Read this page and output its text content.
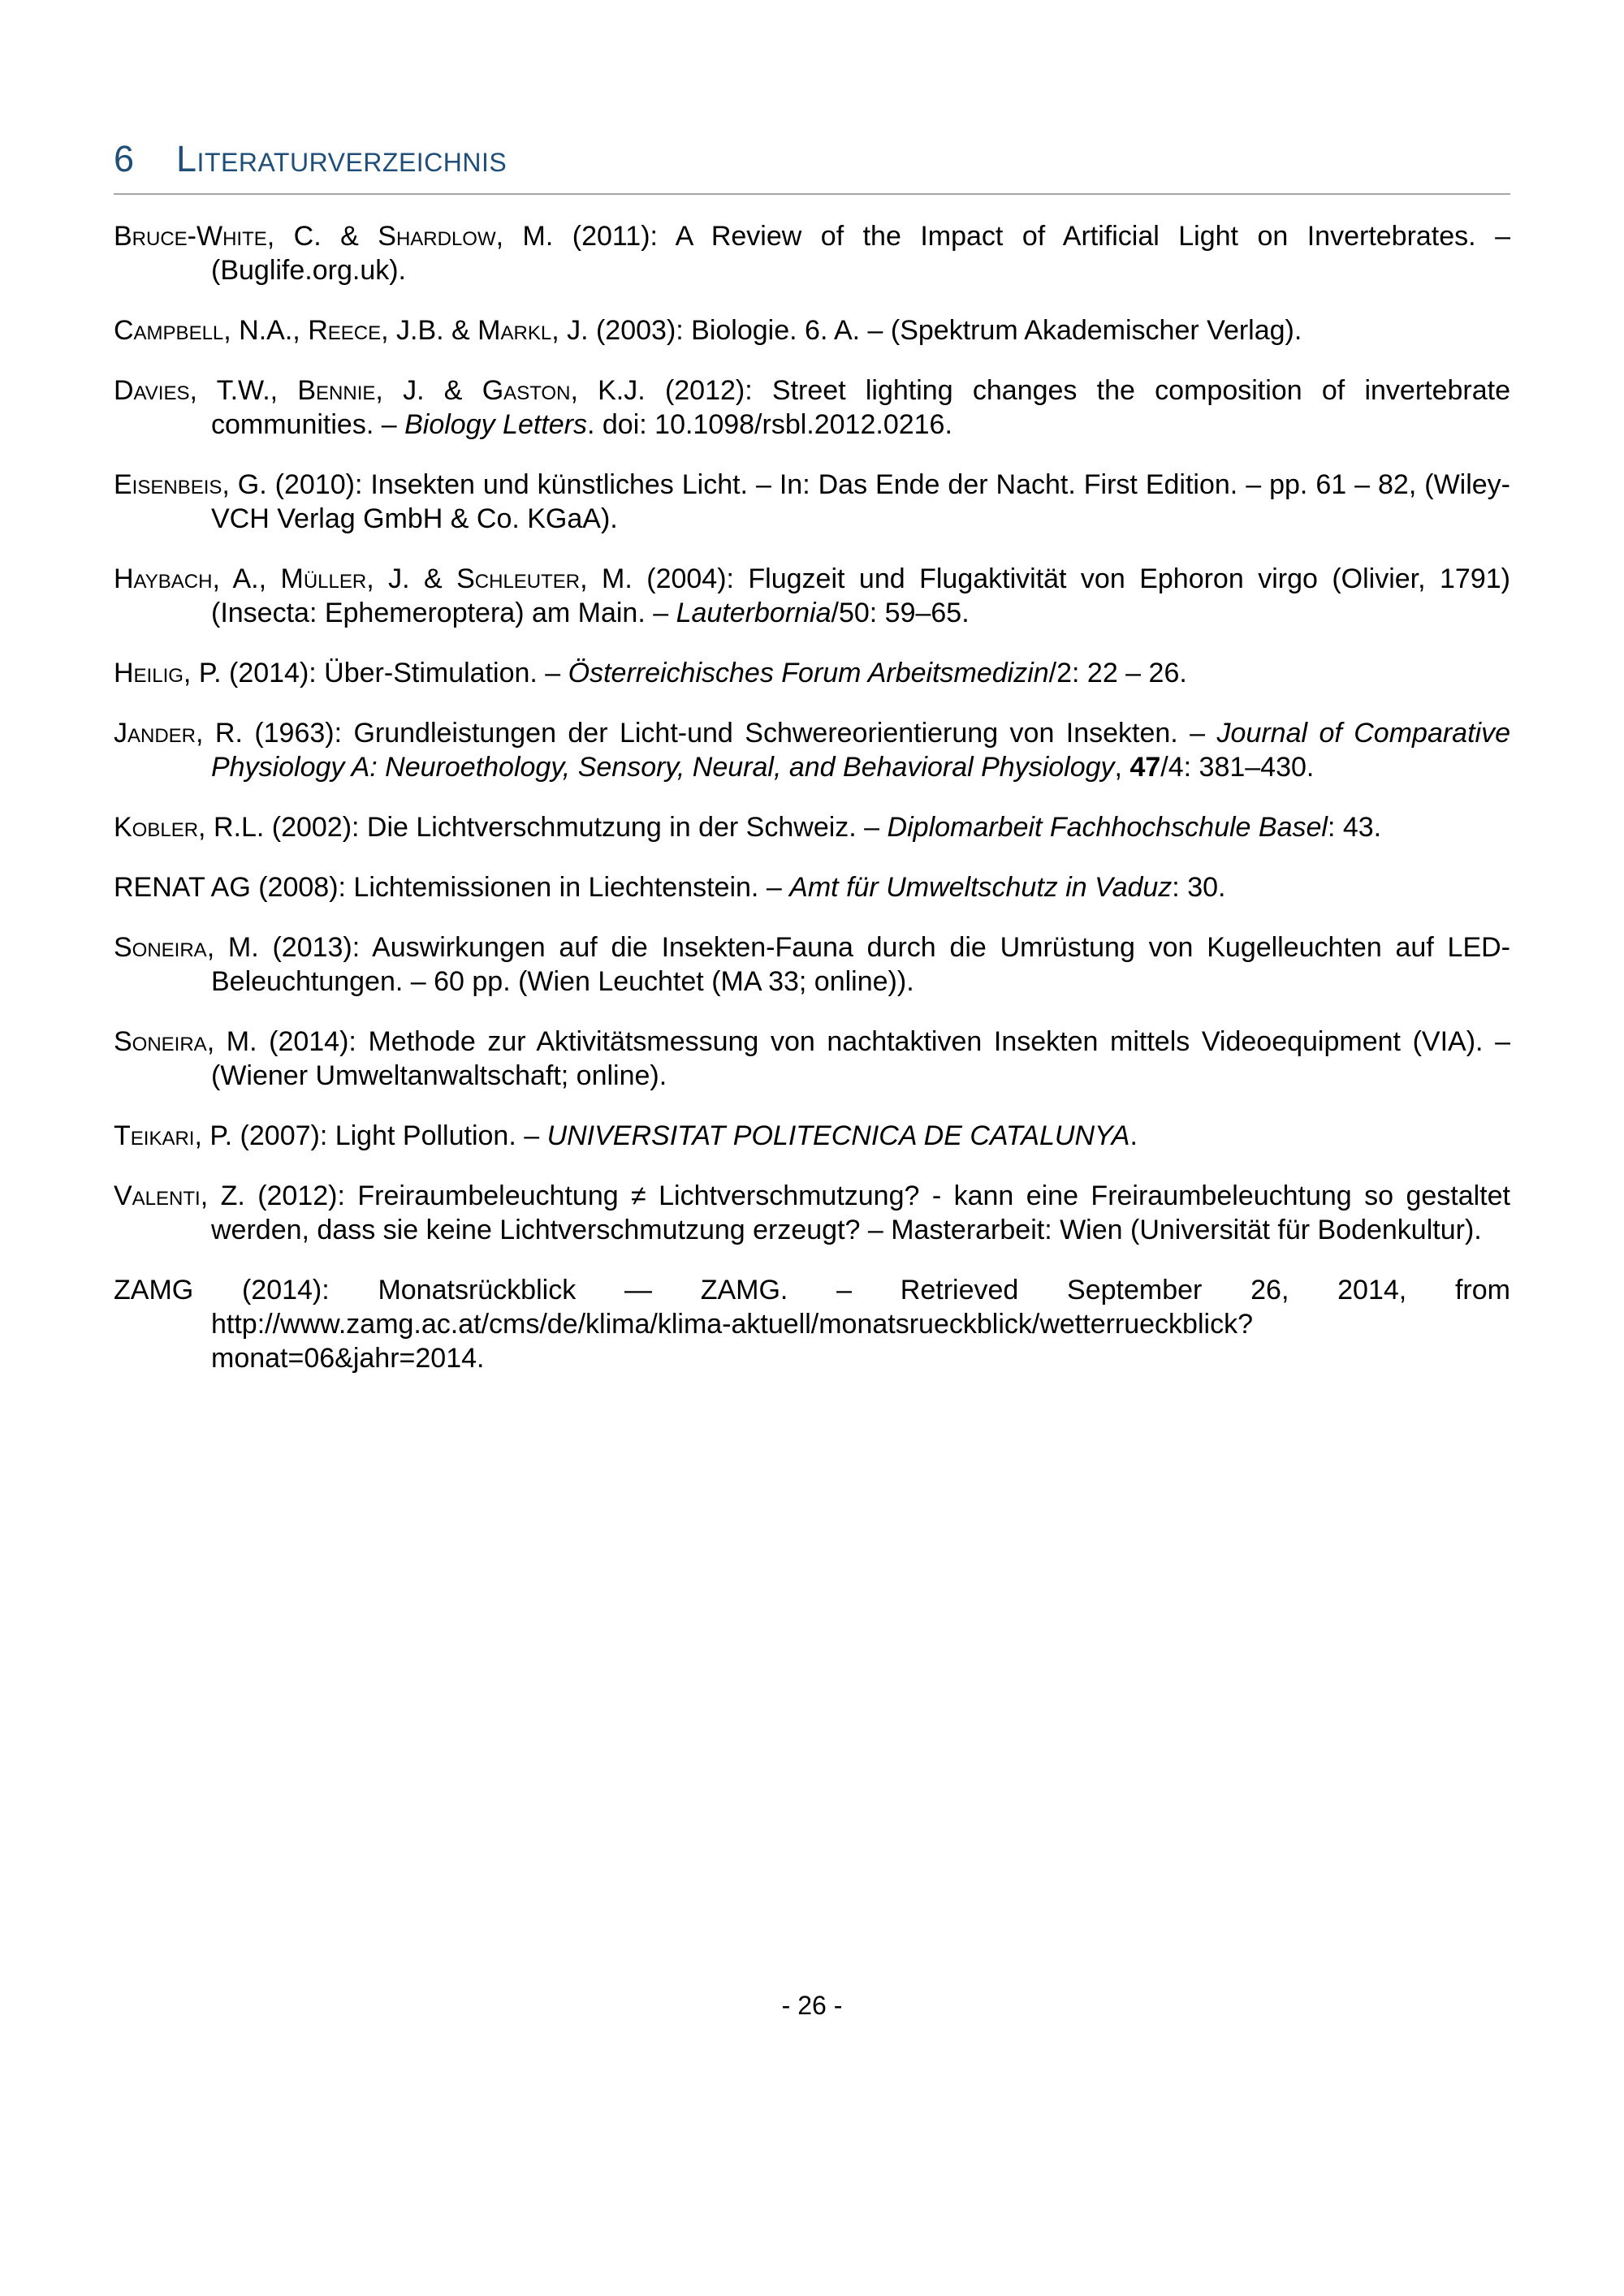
6 Literaturverzeichnis

Bruce-White, C. & Shardlow, M. (2011): A Review of the Impact of Artificial Light on Invertebrates. – (Buglife.org.uk).

Campbell, N.A., Reece, J.B. & Markl, J. (2003): Biologie. 6. A. – (Spektrum Akademischer Verlag).

Davies, T.W., Bennie, J. & Gaston, K.J. (2012): Street lighting changes the composition of invertebrate communities. – Biology Letters. doi: 10.1098/rsbl.2012.0216.

Eisenbeis, G. (2010): Insekten und künstliches Licht. – In: Das Ende der Nacht. First Edition. – pp. 61 – 82, (Wiley-VCH Verlag GmbH & Co. KGaA).

Haybach, A., Müller, J. & Schleuter, M. (2004): Flugzeit und Flugaktivität von Ephoron virgo (Olivier, 1791)(Insecta: Ephemeroptera) am Main. – Lauterbornia/50: 59–65.

Heilig, P. (2014): Über-Stimulation. – Österreichisches Forum Arbeitsmedizin/2: 22 – 26.

Jander, R. (1963): Grundleistungen der Licht-und Schwereorientierung von Insekten. – Journal of Comparative Physiology A: Neuroethology, Sensory, Neural, and Behavioral Physiology, 47/4: 381–430.

Kobler, R.L. (2002): Die Lichtverschmutzung in der Schweiz. – Diplomarbeit Fachhochschule Basel: 43.

RENAT AG (2008): Lichtemissionen in Liechtenstein. – Amt für Umweltschutz in Vaduz: 30.

Soneira, M. (2013): Auswirkungen auf die Insekten-Fauna durch die Umrüstung von Kugelleuchten auf LED-Beleuchtungen. – 60 pp. (Wien Leuchtet (MA 33; online)).

Soneira, M. (2014): Methode zur Aktivitätsmessung von nachtaktiven Insekten mittels Videoequipment (VIA). – (Wiener Umweltanwaltschaft; online).

Teikari, P. (2007): Light Pollution. – UNIVERSITAT POLITECNICA DE CATALUNYA.

Valenti, Z. (2012): Freiraumbeleuchtung ≠ Lichtverschmutzung? - kann eine Freiraumbeleuchtung so gestaltet werden, dass sie keine Lichtverschmutzung erzeugt? – Masterarbeit: Wien (Universität für Bodenkultur).

ZAMG (2014): Monatsrückblick — ZAMG. – Retrieved September 26, 2014, from http://www.zamg.ac.at/cms/de/klima/klima-aktuell/monatsrueckblick/wetterrueckblick?monat=06&jahr=2014.

- 26 -
